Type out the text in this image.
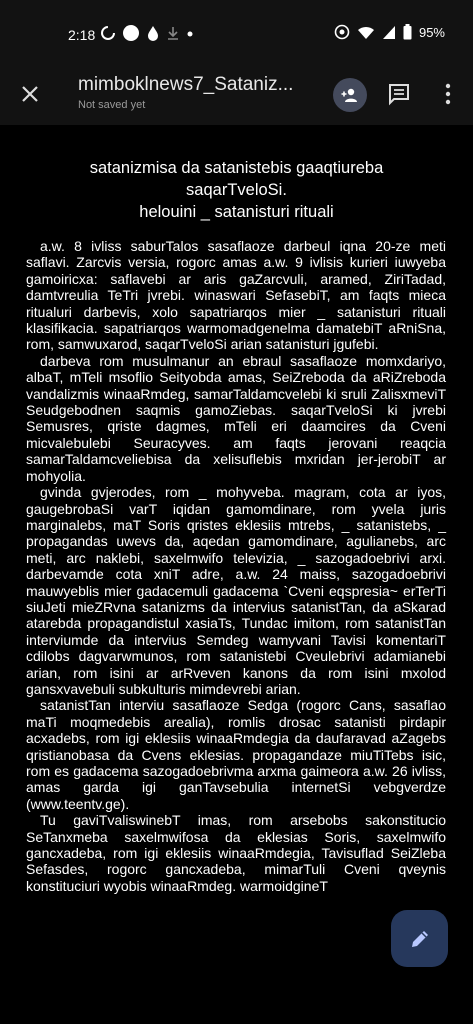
2:18	95%
mimboklnews7_Sataniz...
Not saved yet
satanizmisa da satanistebis gaaqtiureba
saqarTveloSi.
helouini _ satanisturi rituali

a.w. 8 ivliss saburTalos sasaflaoze darbeul iqna 20-ze meti saflavi. Zarcvis versia, rogorc amas a.w. 9 ivlisis kurieri iuwyeba gamoiricxa: saflavebi ar aris gaZarcvuli, aramed, ZiriTadad, damtvreulia TeTri jvrebi. winaswari SefasebiT, am faqts mieca ritualuri darbevis, xolo sapatriarqos mier _ satanisturi rituali klasifikacia. sapatriarqos warmomadgenelma damatebiT aRniSna, rom, samwuxarod, saqarTveloSi arian satanisturi jgufebi.

darbeva rom musulmanur an ebraul sasaflaoze momxdariyo, albaT, mTeli msoflio Seityobda amas, SeiZreboda da aRiZreboda vandalizmis winaaRmdeg, samarTaldamcvelebi ki sruli ZalisxmeviT Seudgebodnen saqmis gamoZiebas. saqarTveloSi ki jvrebi Semusres, qriste dagmes, mTeli eri daamcires da Cveni micvalebulebi Seuracyves. am faqts jerovani reaqcia samarTaldamcveliebisa da xelisuflebis mxridan jer-jerobiT ar mohyolia.

gvinda gvjerodes, rom _ mohyveba. magram, cota ar iyos, gaugebrobaSi varT iqidan gamomdinare, rom yvela juris marginalebs, maT Soris qristes eklesiis mtrebs, _ satanistebs, _ propagandas uwevs da, aqedan gamomdinare, agulianebs, arc meti, arc naklebi, saxelmwifo televizia, _ sazogadoebrivi arxi. darbevamde cota xniT adre, a.w. 24 maiss, sazogadoebrivi mauwyeblis mier gadacemuli gadacema `Cveni eqspresia~ erTerTi siuJeti mieZRvna satanizms da intervius satanistTan, da aSkarad atarebda propagandistul xasiaTs, Tundac imitom, rom satanistTan interviumde da intervius Semdeg wamyvani Tavisi komentariT cdilobs dagvarwmunos, rom satanistebi Cveulebrivi adamianebi arian, rom isini ar arRveven kanons da rom isini mxolod gansxvavebuli subkulturis mimdevrebi arian.

satanistTan interviu sasaflaoze Sedga (rogorc Cans, sasaflao maTi moqmedebis arealia), romlis drosac satanisti pirdapir acxadebs, rom igi eklesiis winaaRmdegia da daufaravad aZagebs qristianobasa da Cvens eklesias. propagandaze miuTiTebs isic, rom es gadacema sazogadoebrivma arxma gaimeora a.w. 26 ivliss, amas garda igi ganTavsebulia internetSi vebgverdze (www.teentv.ge).

Tu gaviTvaliswinebT imas, rom arsebobs sakonstitucio SeTanxmeba saxelmwifosa da eklesias Soris, saxelmwifo gancxadeba, rom igi eklesiis winaaRmdegia, Tavisuflad SeiZleba Sefasdes, rogorc gancxadeba, mimarTuli Cveni qveynis konstituciuri wyobis winaaRmdeg. warmoidgineT
